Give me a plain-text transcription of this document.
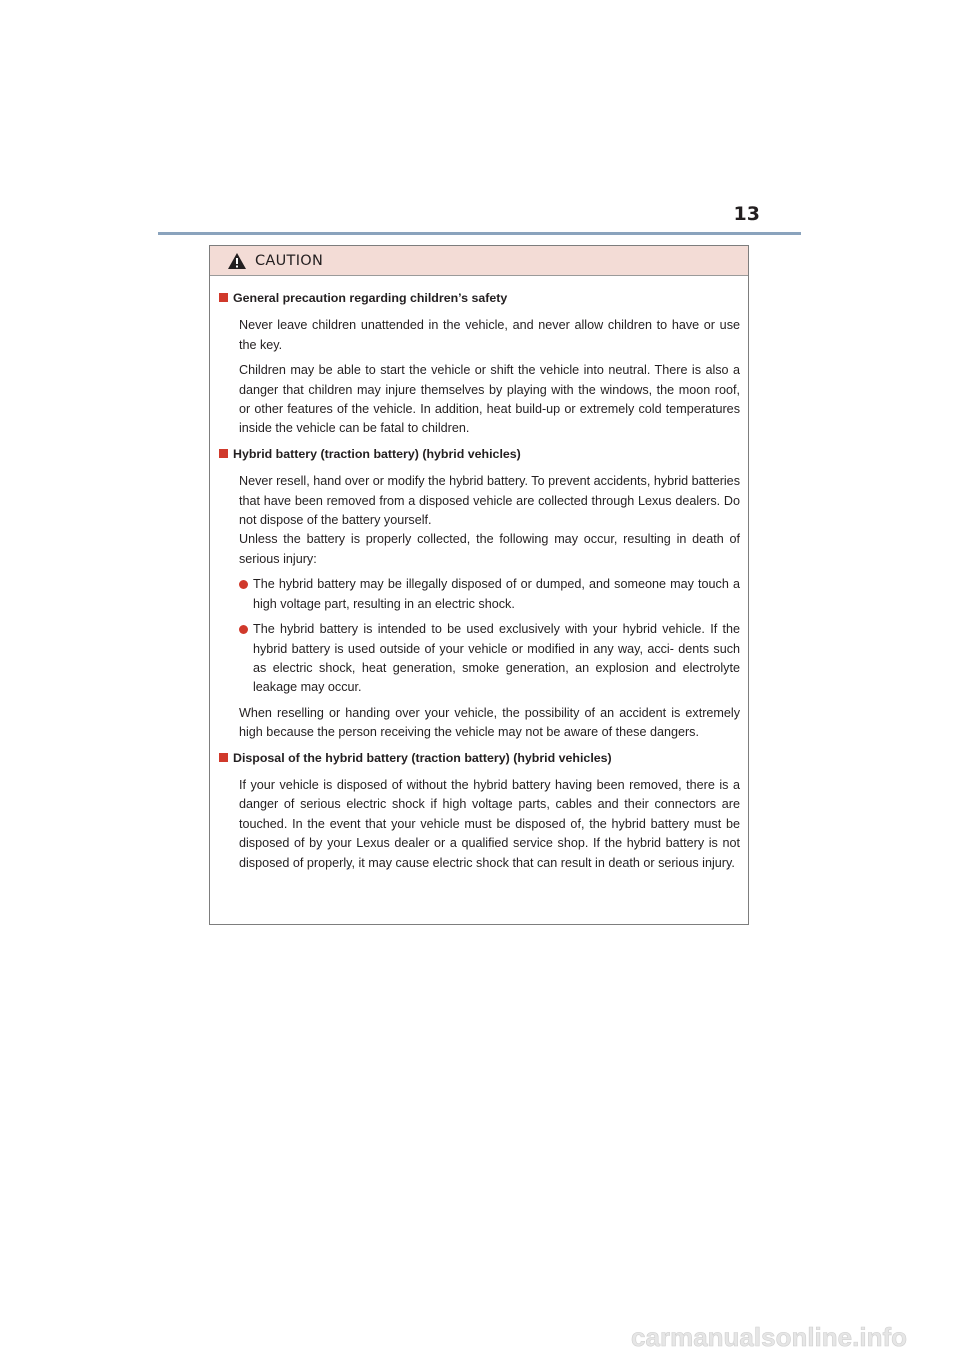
13
CAUTION
General precaution regarding children’s safety
Never leave children unattended in the vehicle, and never allow children to have or use the key.
Children may be able to start the vehicle or shift the vehicle into neutral. There is also a danger that children may injure themselves by playing with the windows, the moon roof, or other features of the vehicle. In addition, heat build-up or extremely cold temperatures inside the vehicle can be fatal to children.
Hybrid battery (traction battery) (hybrid vehicles)
Never resell, hand over or modify the hybrid battery. To prevent accidents, hybrid batteries that have been removed from a disposed vehicle are collected through Lexus dealers. Do not dispose of the battery yourself.
Unless the battery is properly collected, the following may occur, resulting in death of serious injury:
The hybrid battery may be illegally disposed of or dumped, and someone may touch a high voltage part, resulting in an electric shock.
The hybrid battery is intended to be used exclusively with your hybrid vehicle. If the hybrid battery is used outside of your vehicle or modified in any way, acci- dents such as electric shock, heat generation, smoke generation, an explosion and electrolyte leakage may occur.
When reselling or handing over your vehicle, the possibility of an accident is extremely high because the person receiving the vehicle may not be aware of these dangers.
Disposal of the hybrid battery (traction battery) (hybrid vehicles)
If your vehicle is disposed of without the hybrid battery having been removed, there is a danger of serious electric shock if high voltage parts, cables and their connectors are touched. In the event that your vehicle must be disposed of, the hybrid battery must be disposed of by your Lexus dealer or a qualified service shop. If the hybrid battery is not disposed of properly, it may cause electric shock that can result in death or serious injury.
carmanualsonline.info
